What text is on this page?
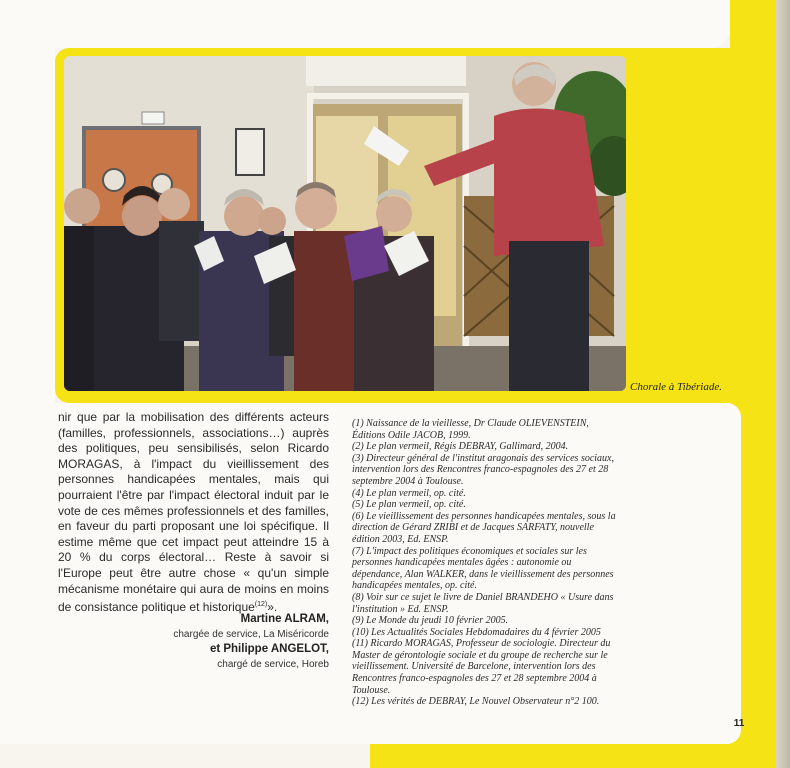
Chorale à Tibériade.
nir que par la mobilisation des différents acteurs (familles, professionnels, associations…) auprès des politiques, peu sensibilisés, selon Ricardo MORAGAS, à l'impact du vieillissement des personnes handicapées mentales, mais qui pourraient l'être par l'impact électoral induit par le vote de ces mêmes professionnels et des familles, en faveur du parti proposant une loi spécifique. Il estime même que cet impact peut atteindre 15 à 20 % du corps électoral… Reste à savoir si l'Europe peut être autre chose « qu'un simple mécanisme monétaire qui aura de moins en moins de consistance politique et historique$^{(12)}$».
Martine ALRAM,
chargée de service, La Miséricorde
et Philippe ANGELOT,
chargé de service, Horeb
(1) Naissance de la vieillesse, Dr Claude OLIEVENSTEIN, Éditions Odile JACOB, 1999.
(2) Le plan vermeil, Régis DEBRAY, Gallimard, 2004.
(3) Directeur général de l'institut aragonais des services sociaux, intervention lors des Rencontres franco-espagnoles des 27 et 28 septembre 2004 à Toulouse.
(4) Le plan vermeil, op. cité.
(5) Le plan vermeil, op. cité.
(6) Le vieillissement des personnes handicapées mentales, sous la direction de Gérard ZRIBI et de Jacques SARFATY, nouvelle édition 2003, Ed. ENSP.
(7) L'impact des politiques économiques et sociales sur les personnes handicapées mentales âgées : autonomie ou dépendance, Alan WALKER, dans le vieillissement des personnes handicapées mentales, op. cité.
(8) Voir sur ce sujet le livre de Daniel BRANDEHO « Usure dans l'institution » Ed. ENSP.
(9) Le Monde du jeudi 10 février 2005.
(10) Les Actualités Sociales Hebdomadaires du 4 février 2005
(11) Ricardo MORAGAS, Professeur de sociologie. Directeur du Master de gérontologie sociale et du groupe de recherche sur le vieillissement. Université de Barcelone, intervention lors des Rencontres franco-espagnoles des 27 et 28 septembre 2004 à Toulouse.
(12) Les vérités de DEBRAY, Le Nouvel Observateur n°2 100.
11
